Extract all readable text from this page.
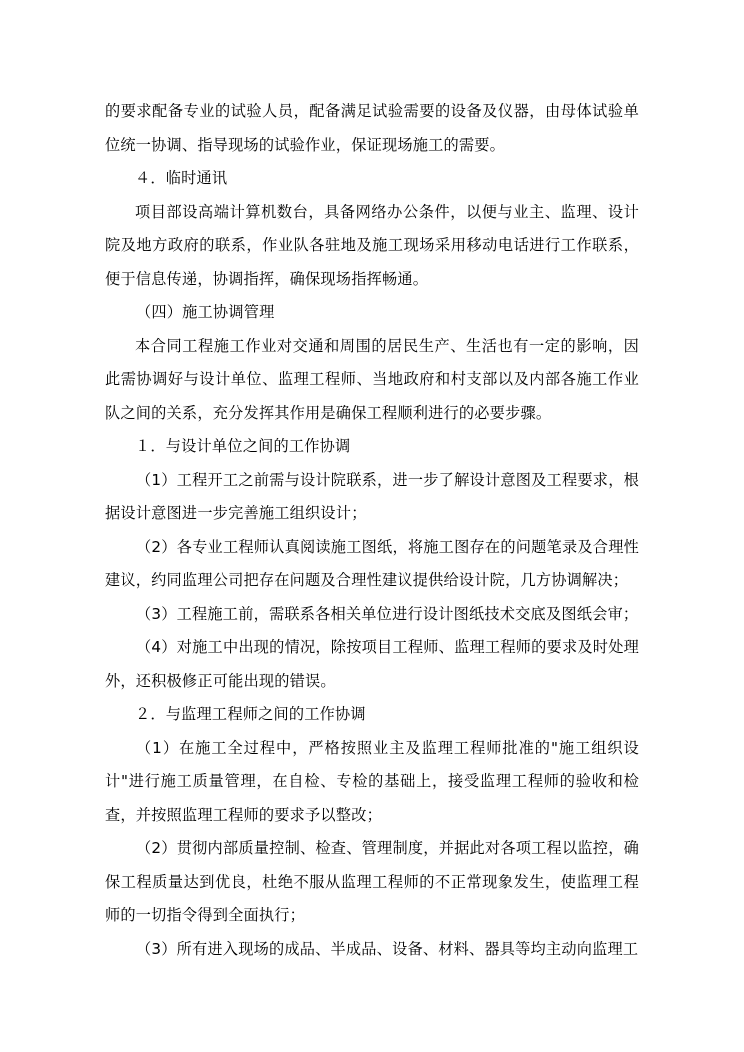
的要求配备专业的试验人员，配备满足试验需要的设备及仪器，由母体试验单位统一协调、指导现场的试验作业，保证现场施工的需要。

４．临时通讯

项目部设高端计算机数台，具备网络办公条件，以便与业主、监理、设计院及地方政府的联系，作业队各驻地及施工现场采用移动电话进行工作联系，便于信息传递，协调指挥，确保现场指挥畅通。

（四）施工协调管理

本合同工程施工作业对交通和周围的居民生产、生活也有一定的影响，因此需协调好与设计单位、监理工程师、当地政府和村支部以及内部各施工作业队之间的关系，充分发挥其作用是确保工程顺利进行的必要步骤。

１．与设计单位之间的工作协调

（1）工程开工之前需与设计院联系，进一步了解设计意图及工程要求，根据设计意图进一步完善施工组织设计；

（2）各专业工程师认真阅读施工图纸，将施工图存在的问题笔录及合理性建议，约同监理公司把存在问题及合理性建议提供给设计院，几方协调解决；

（3）工程施工前，需联系各相关单位进行设计图纸技术交底及图纸会审；

（4）对施工中出现的情况，除按项目工程师、监理工程师的要求及时处理外，还积极修正可能出现的错误。

２．与监理工程师之间的工作协调

（1）在施工全过程中，严格按照业主及监理工程师批准的"施工组织设计"进行施工质量管理，在自检、专检的基础上，接受监理工程师的验收和检查，并按照监理工程师的要求予以整改；

（2）贯彻内部质量控制、检查、管理制度，并据此对各项工程以监控，确保工程质量达到优良，杜绝不服从监理工程师的不正常现象发生，使监理工程师的一切指令得到全面执行；

（3）所有进入现场的成品、半成品、设备、材料、器具等均主动向监理工
